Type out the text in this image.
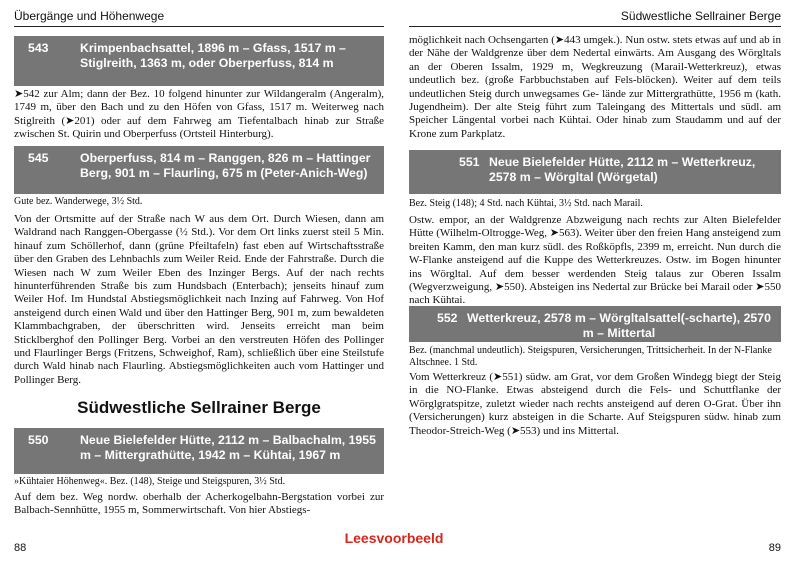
Übergänge und Höhenwege
543	Krimpenbachsattel, 1896 m – Gfass, 1517 m – Stiglreith, 1363 m, oder Oberperfuss, 814 m
➤542 zur Alm; dann der Bez. 10 folgend hinunter zur Wildangeralm (Angeralm), 1749 m, über den Bach und zu den Höfen von Gfass, 1517 m. Weiterweg nach Stiglreith (➤201) oder auf dem Fahrweg am Tiefentalbach hinab zur Straße zwischen St. Quirin und Oberperfuss (Ortsteil Hinterburg).
545	Oberperfuss, 814 m – Ranggen, 826 m – Hattinger Berg, 901 m – Flaurling, 675 m (Peter-Anich-Weg)
Gute bez. Wanderwege, 3½ Std.
Von der Ortsmitte auf der Straße nach W aus dem Ort. Durch Wiesen, dann am Waldrand nach Ranggen-Obergasse (½ Std.). Vor dem Ort links zuerst steil 5 Min. hinauf zum Schöllerhof, dann (grüne Pfeiltafeln) fast eben auf Wirtschaftsstraße über den Graben des Lehnbachls zum Weiler Reid. Ende der Fahrstraße. Durch die Wiesen nach W zum Weiler Eben des Inzinger Bergs. Auf der nach rechts hinunterführenden Straße bis zum Hundsbach (Enterbach); jenseits hinauf zum Weiler Hof. Im Hundstal Abstiegsmöglichkeit nach Inzing auf Fahrweg. Von Hof ansteigend durch einen Wald und über den Hattinger Berg, 901 m, zum bewaldeten Klammbachgraben, der überschritten wird. Jenseits erreicht man beim Sticklberghof den Pollinger Berg. Vorbei an den verstreuten Höfen des Pollinger und Flaurlinger Bergs (Fritzens, Schweighof, Ram), schließlich über eine Steilstufe durch Wald hinab nach Flaurling. Abstiegsmöglichkeiten auch vom Hattinger und Pollinger Berg.
Südwestliche Sellrainer Berge
550	Neue Bielefelder Hütte, 2112 m – Balbachalm, 1955 m – Mittergrathütte, 1942 m – Kühtai, 1967 m
»Kühtaier Höhenweg«. Bez. (148), Steige und Steigspuren, 3½ Std.
Auf dem bez. Weg nordw. oberhalb der Acherkogelbahn-Bergstation vorbei zur Balbach-Sennhütte, 1955 m, Sommerwirtschaft. Von hier Abstiegs-
88
Südwestliche Sellrainer Berge
möglichkeit nach Ochsengarten (➤443 umgek.). Nun ostw. stets etwas auf und ab in der Nähe der Waldgrenze über dem Nedertal einwärts. Am Ausgang des Wörgltals an der Oberen Issalm, 1929 m, Wegkreuzung (Marail-Wetterkreuz), etwas undeutlich bez. (große Farbbuchstaben auf Fels-blöcken). Weiter auf dem teils undeutlichen Steig durch unwegsames Ge- lände zur Mittergrathütte, 1956 m (kath. Jugendheim). Der alte Steig führt zum Taleingang des Mittertals und südl. am Speicher Längental vorbei nach Kühtai. Oder hinab zum Staudamm und auf der Krone zum Parkplatz.
551 Neue Bielefelder Hütte, 2112 m – Wetterkreuz, 2578 m – Wörgltal (Wörgetal)
Bez. Steig (148); 4 Std. nach Kühtai, 3½ Std. nach Marail.
Ostw. empor, an der Waldgrenze Abzweigung nach rechts zur Alten Bielefelder Hütte (Wilhelm-Oltrogge-Weg, ➤563). Weiter über den freien Hang ansteigend zum breiten Kamm, den man kurz südl. des Roßköpfls, 2399 m, erreicht. Nun durch die W-Flanke ansteigend auf die Kuppe des Wetterkreuzes. Ostw. im Bogen hinunter ins Wörgltal. Auf dem besser werdenden Steig talaus zur Oberen Issalm (Wegverzweigung, ➤550). Absteigen ins Nedertal zur Brücke bei Marail oder ➤550 nach Kühtai.
552 Wetterkreuz, 2578 m – Wörgltalsattel(-scharte), 2570 m – Mittertal
Bez. (manchmal undeutlich). Steigspuren, Versicherungen, Trittsicherheit. In der N-Flanke Altschnee. 1 Std.
Vom Wetterkreuz (➤551) südw. am Grat, vor dem Großen Windegg biegt der Steig in die NO-Flanke. Etwas absteigend durch die Fels- und Schuttflanke der Wörglgratspitze, zuletzt wieder nach rechts ansteigend auf deren O-Grat. Über ihn (Versicherungen) kurz absteigen in die Scharte. Auf Steigspuren südw. hinab zum Theodor-Streich-Weg (➤553) und ins Mittertal.
89
Leesvoorbeeld
